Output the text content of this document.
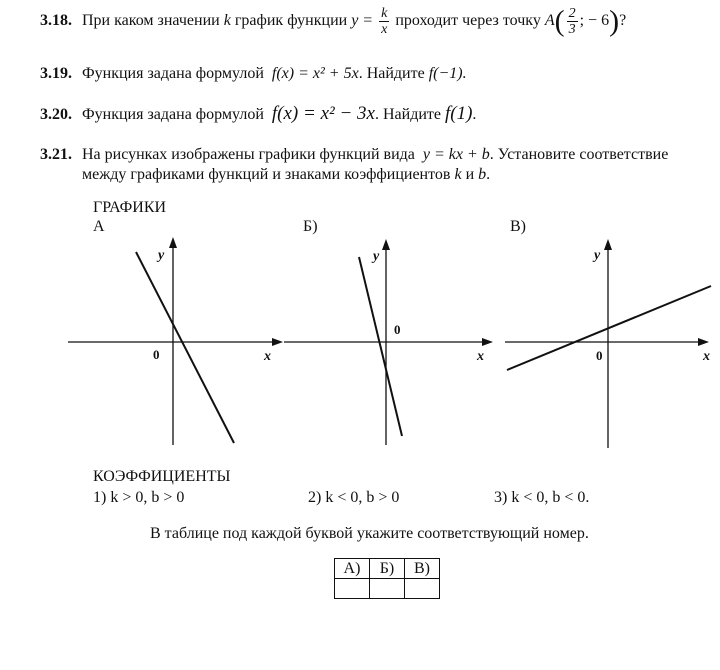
3.18. При каком значении k график функции $y = \frac{k}{x}$ проходит через точку $A( \frac{2}{3}$ ; − 6)?
3.19. Функция задана формулой f(x) = x² + 5x. Найдите f(−1).
3.20. Функция задана формулой f(x) = x² − 3x. Найдите f(1).
3.21. На рисунках изображены графики функций вида y = kx + b. Установите соответствие
между графиками функций и знаками коэффициентов k и b.
ГРАФИКИ
А	Б)	В)
y
x
0
y
x
0
y
x
0
КОЭФФИЦИЕНТЫ
1) k > 0, b > 0	2) k < 0, b > 0	3) k < 0, b < 0.
В таблице под каждой буквой укажите соответствующий номер.
А)	Б)	В)
